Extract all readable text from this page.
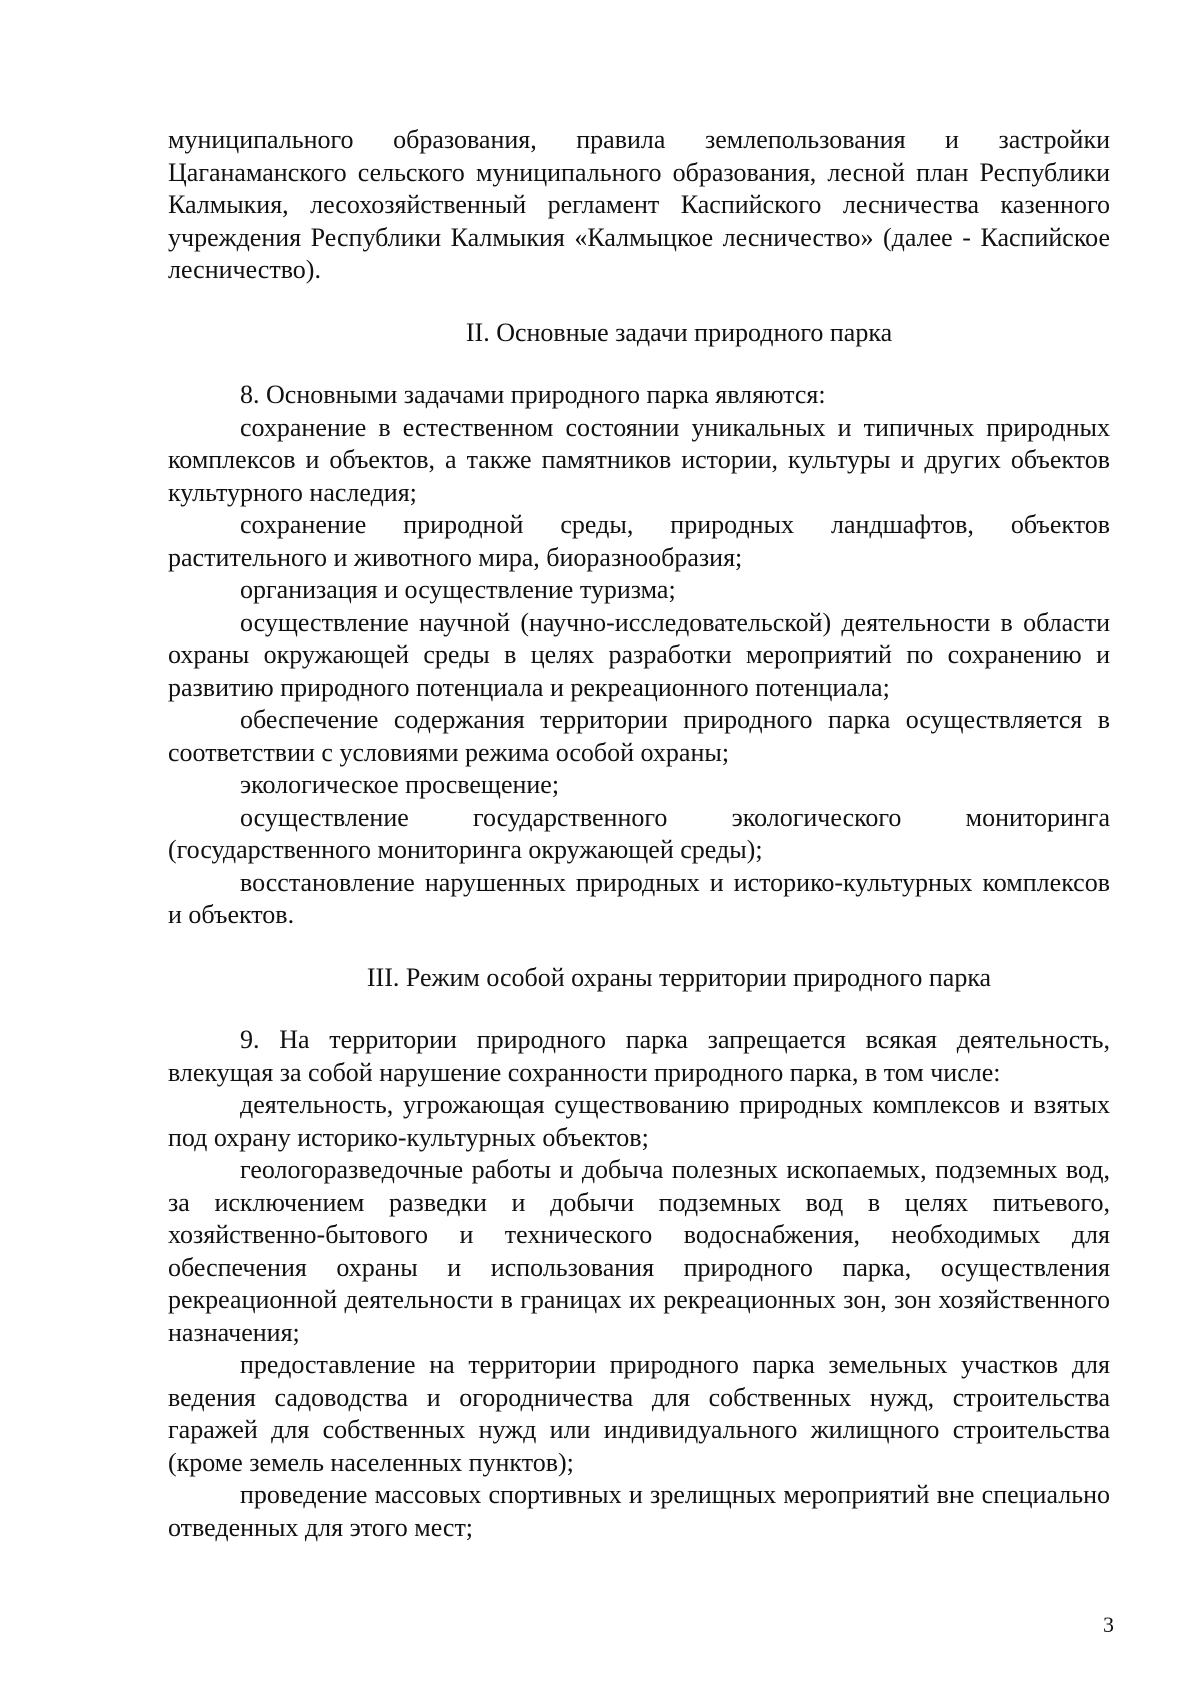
муниципального образования, правила землепользования и застройки Цаганаманского сельского муниципального образования, лесной план Республики Калмыкия, лесохозяйственный регламент Каспийского лесничества казенного учреждения Республики Калмыкия «Калмыцкое лесничество» (далее - Каспийское лесничество).

II. Основные задачи природного парка

8. Основными задачами природного парка являются:

сохранение в естественном состоянии уникальных и типичных природных комплексов и объектов, а также памятников истории, культуры и других объектов культурного наследия;

сохранение природной среды, природных ландшафтов, объектов растительного и животного мира, биоразнообразия;

организация и осуществление туризма;

осуществление научной (научно-исследовательской) деятельности в области охраны окружающей среды в целях разработки мероприятий по сохранению и развитию природного потенциала и рекреационного потенциала;

обеспечение содержания территории природного парка осуществляется в соответствии с условиями режима особой охраны;

экологическое просвещение;

осуществление государственного экологического мониторинга (государственного мониторинга окружающей среды);

восстановление нарушенных природных и историко-культурных комплексов и объектов.

III. Режим особой охраны территории природного парка

9. На территории природного парка запрещается всякая деятельность, влекущая за собой нарушение сохранности природного парка, в том числе:

деятельность, угрожающая существованию природных комплексов и взятых под охрану историко-культурных объектов;

геологоразведочные работы и добыча полезных ископаемых, подземных вод, за исключением разведки и добычи подземных вод в целях питьевого, хозяйственно-бытового и технического водоснабжения, необходимых для обеспечения охраны и использования природного парка, осуществления рекреационной деятельности в границах их рекреационных зон, зон хозяйственного назначения;

предоставление на территории природного парка земельных участков для ведения садоводства и огородничества для собственных нужд, строительства гаражей для собственных нужд или индивидуального жилищного строительства (кроме земель населенных пунктов);

проведение массовых спортивных и зрелищных мероприятий вне специально отведенных для этого мест;

3
